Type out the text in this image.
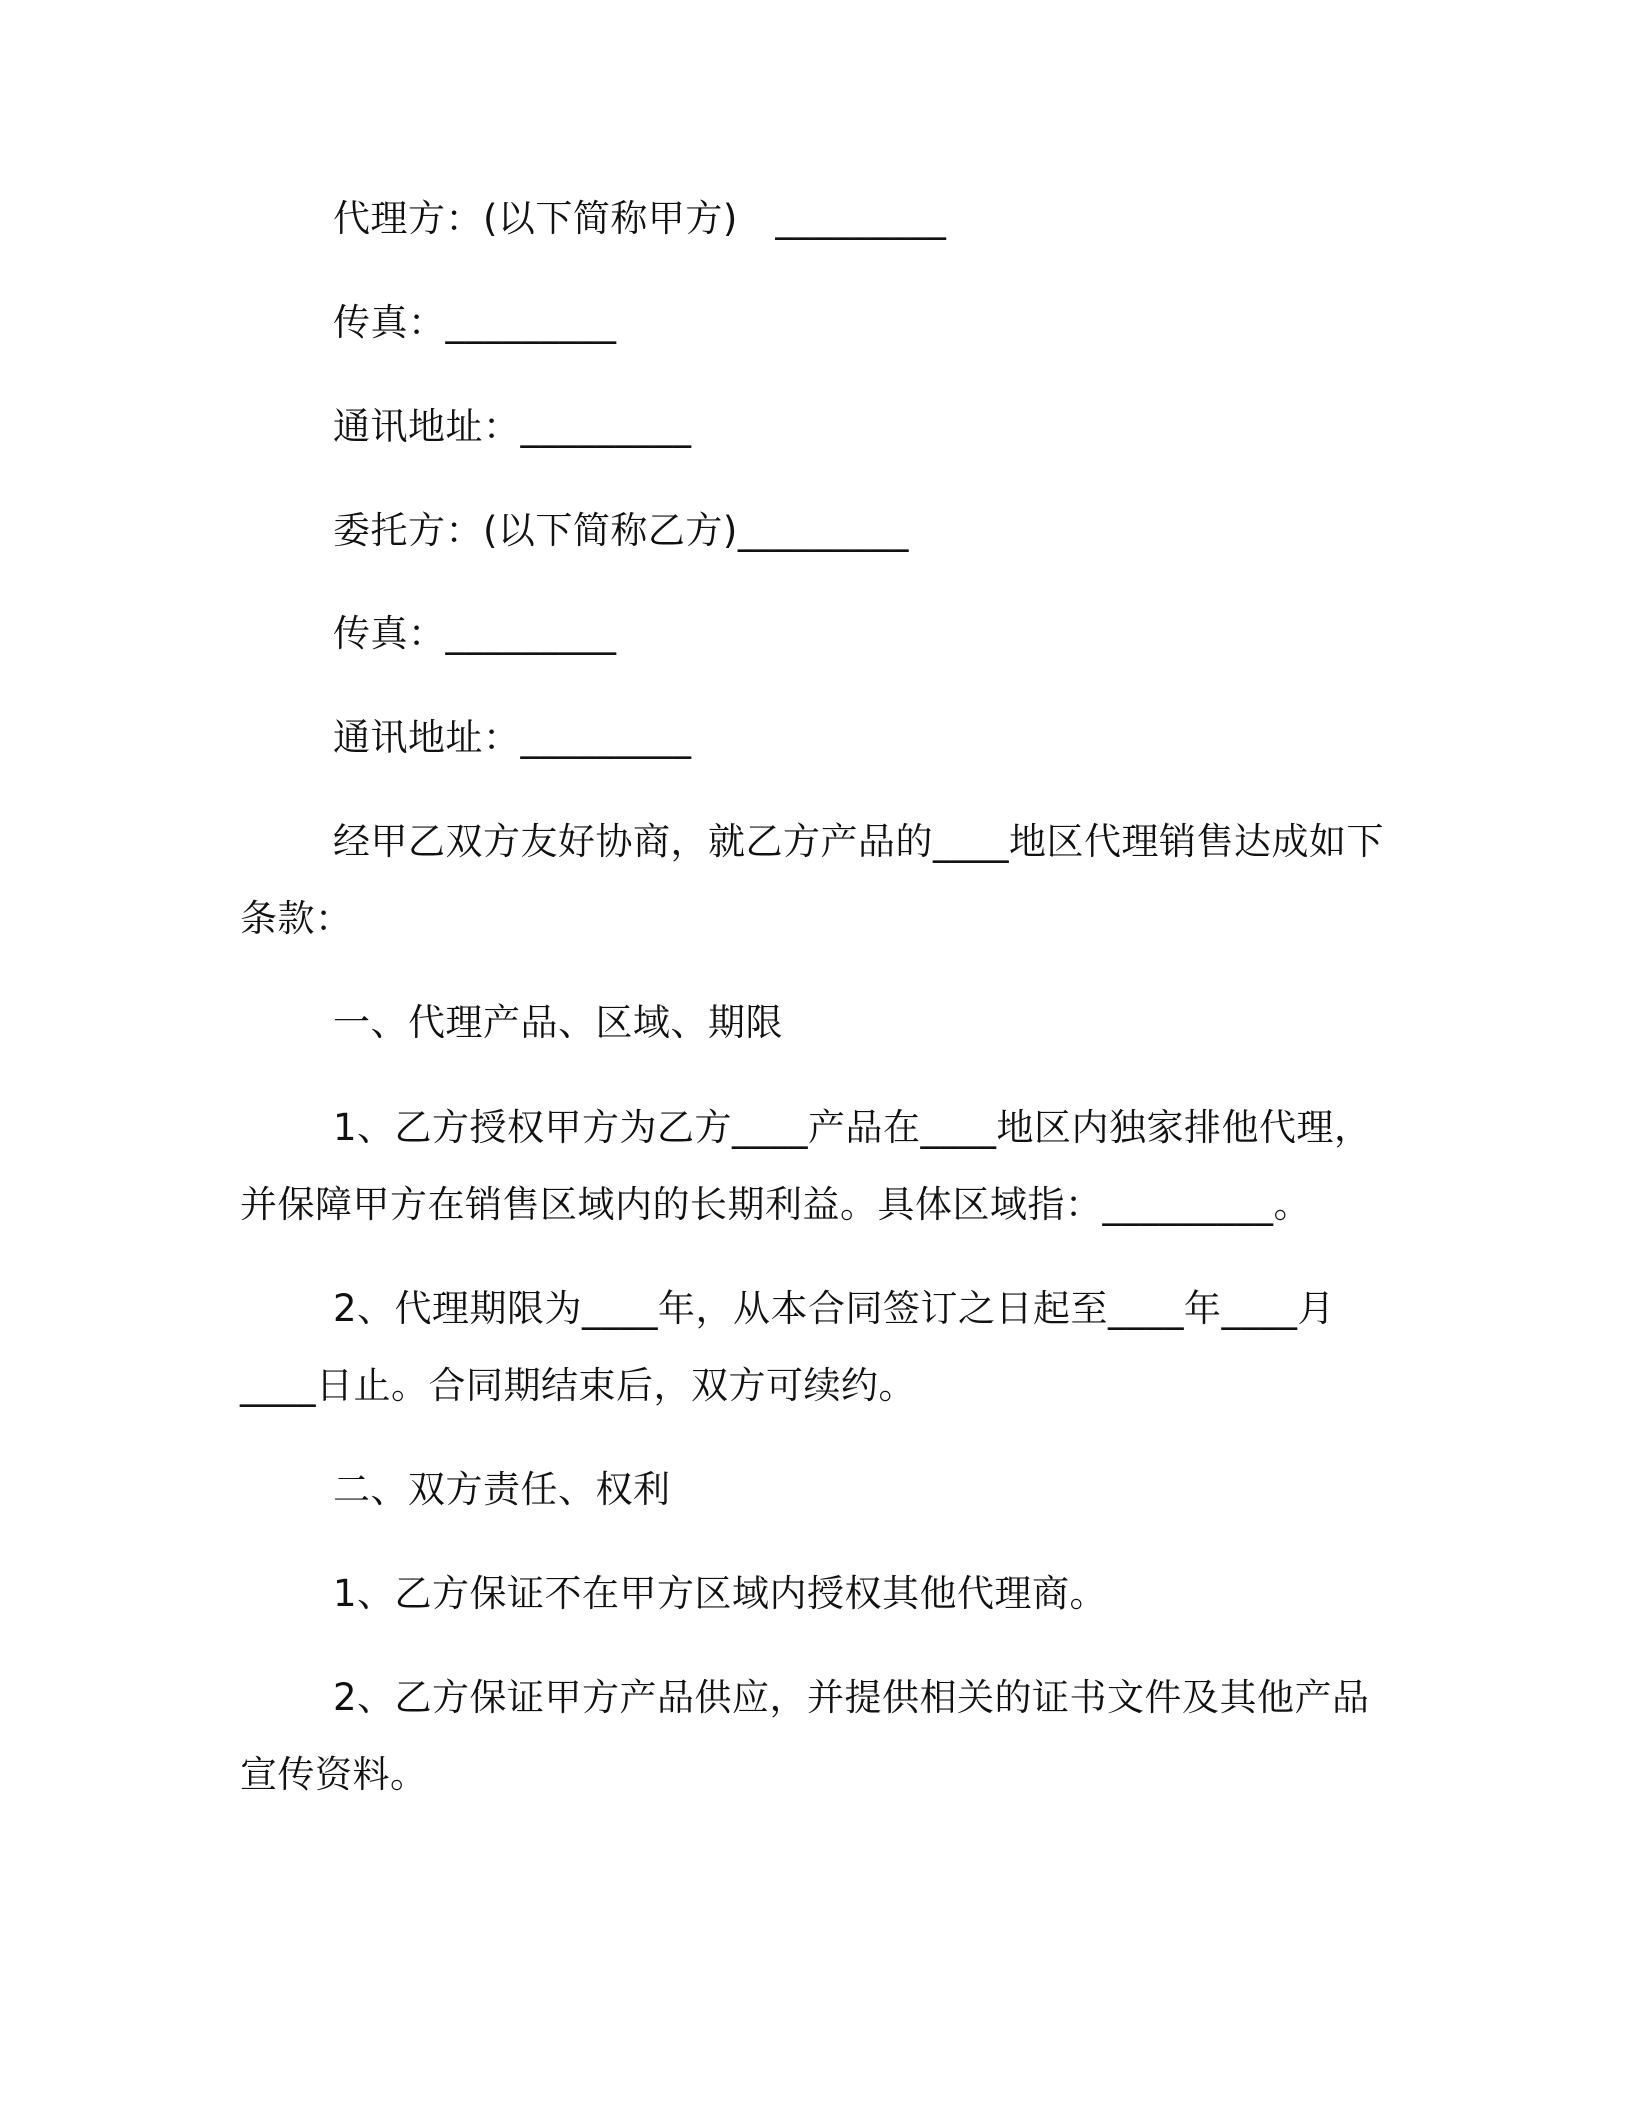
代理方：(以下简称甲方)　_________
传真：_________
通讯地址：_________
委托方：(以下简称乙方)_________
传真：_________
通讯地址：_________
经甲乙双方友好协商，就乙方产品的____地区代理销售达成如下
条款：
一、代理产品、区域、期限
1、乙方授权甲方为乙方____产品在____地区内独家排他代理，
并保障甲方在销售区域内的长期利益。具体区域指：_________。
2、代理期限为____年，从本合同签订之日起至____年____月
____日止。合同期结束后，双方可续约。
二、双方责任、权利
1、乙方保证不在甲方区域内授权其他代理商。
2、乙方保证甲方产品供应，并提供相关的证书文件及其他产品
宣传资料。
